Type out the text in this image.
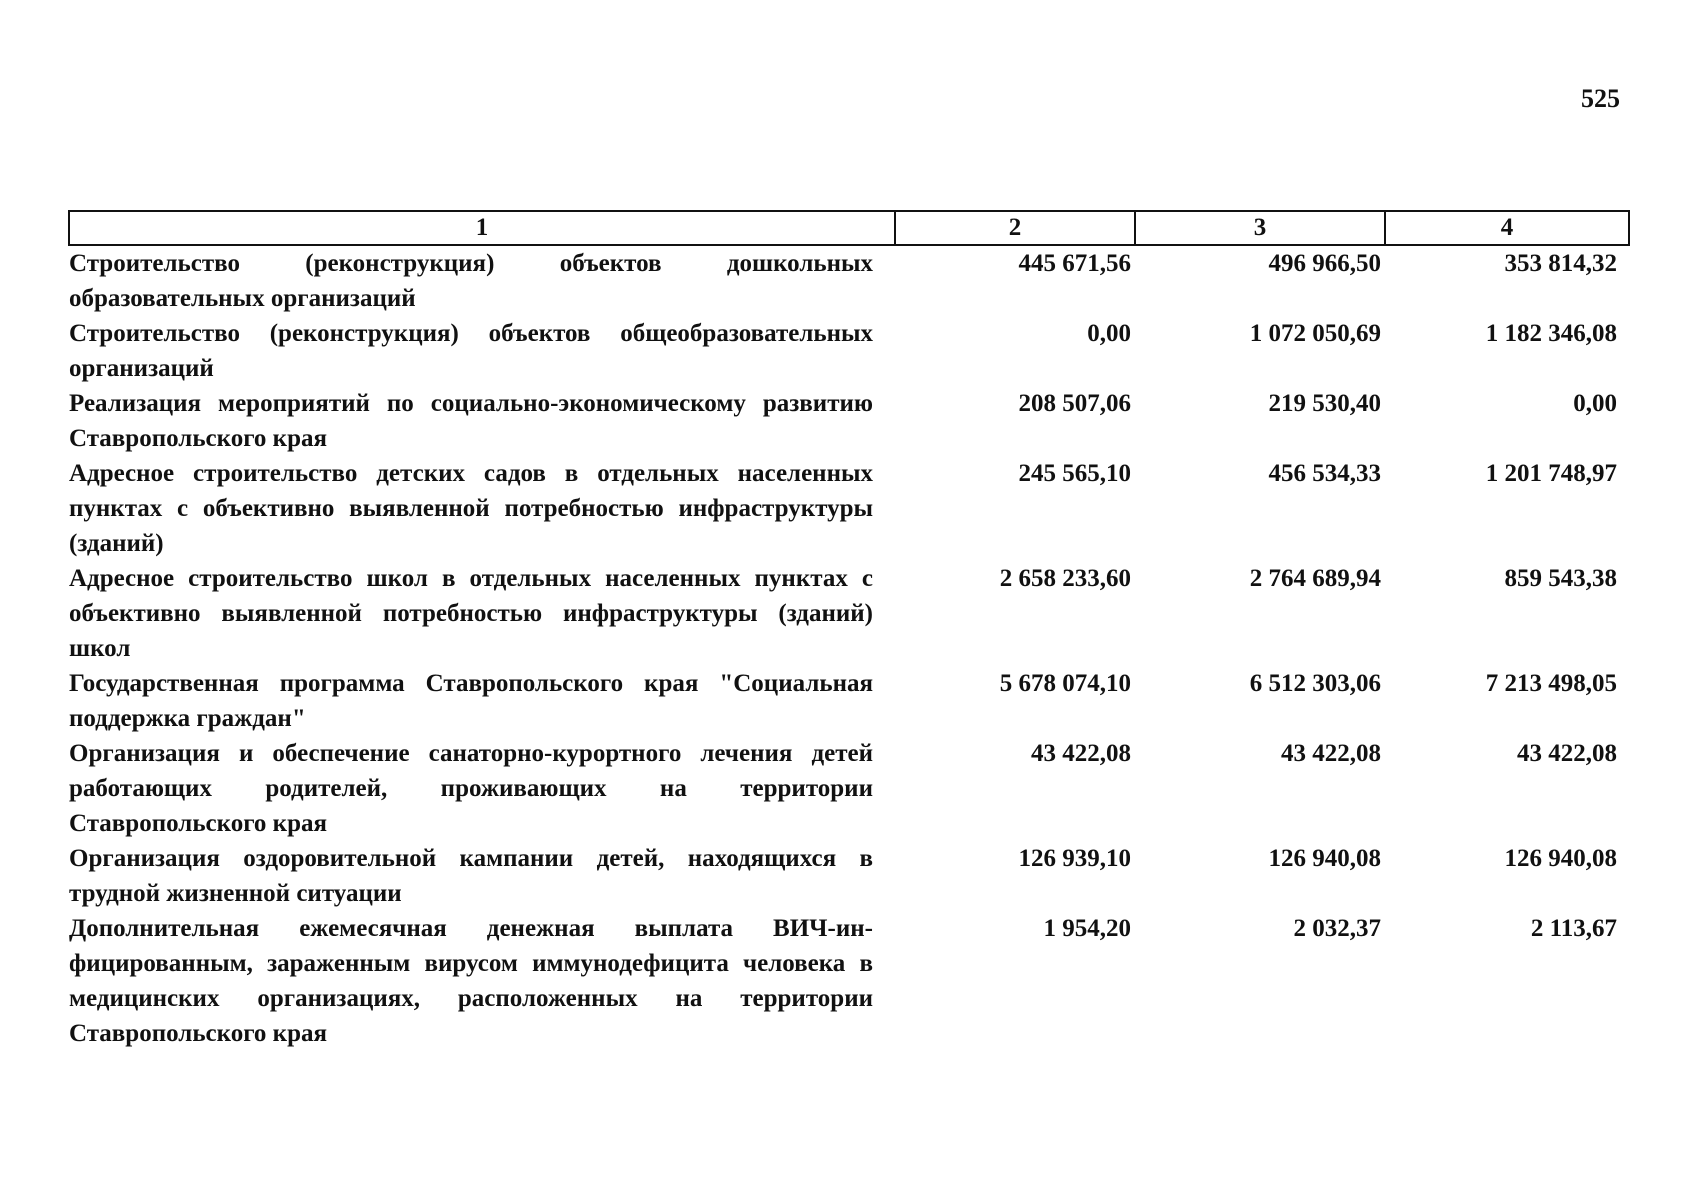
525
1	2	3	4
Строительство (реконструкция) объектов дошкольных образовательных организаций	445 671,56	496 966,50	353 814,32
Строительство (реконструкция) объектов общеобразовательных организаций	0,00	1 072 050,69	1 182 346,08
Реализация мероприятий по социально-экономическому развитию Ставропольского края	208 507,06	219 530,40	0,00
Адресное строительство детских садов в отдельных населенных пунктах с объективно выявленной потребностью инфраструктуры (зданий)	245 565,10	456 534,33	1 201 748,97
Адресное строительство школ в отдельных населенных пунктах с объективно выявленной потребностью инфраструктуры (зданий) школ	2 658 233,60	2 764 689,94	859 543,38
Государственная программа Ставропольского края "Социальная поддержка граждан"	5 678 074,10	6 512 303,06	7 213 498,05
Организация и обеспечение санаторно-курортного лечения детей работающих родителей, проживающих на территории Ставропольского края	43 422,08	43 422,08	43 422,08
Организация оздоровительной кампании детей, находящихся в трудной жизненной ситуации	126 939,10	126 940,08	126 940,08
Дополнительная ежемесячная денежная выплата ВИЧ-ин-фицированным, зараженным вирусом иммунодефицита человека в медицинских организациях, расположенных на территории Ставропольского края	1 954,20	2 032,37	2 113,67
